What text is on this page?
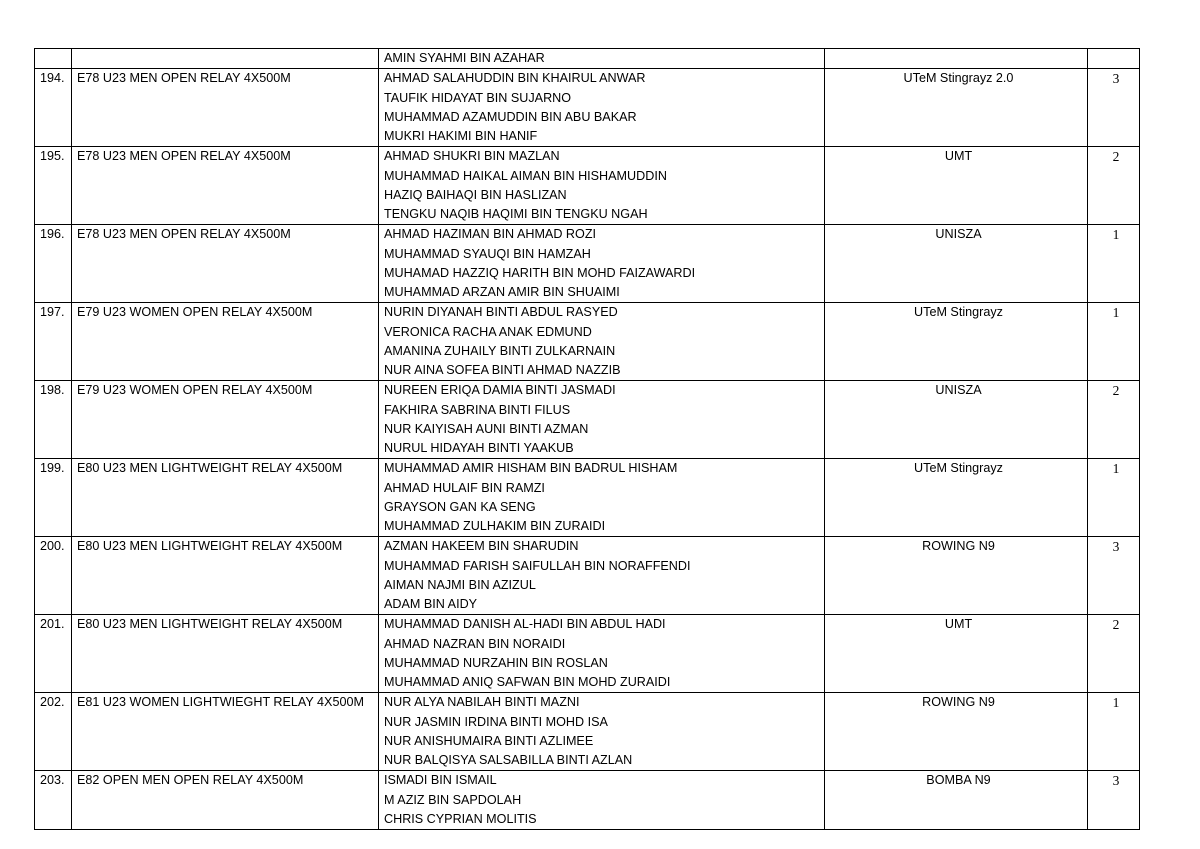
		AMIN SYAHMI BIN AZAHAR		

194.	E78 U23 MEN OPEN RELAY 4X500M	AHMAD SALAHUDDIN BIN KHAIRUL ANWAR
TAUFIK HIDAYAT BIN SUJARNO
MUHAMMAD AZAMUDDIN BIN ABU BAKAR
MUKRI HAKIMI BIN HANIF	UTeM Stingrayz 2.0	3
195.	E78 U23 MEN OPEN RELAY 4X500M	AHMAD SHUKRI BIN MAZLAN
MUHAMMAD HAIKAL AIMAN BIN HISHAMUDDIN
HAZIQ BAIHAQI BIN HASLIZAN
TENGKU NAQIB HAQIMI BIN TENGKU NGAH	UMT	2
196.	E78 U23 MEN OPEN RELAY 4X500M	AHMAD HAZIMAN BIN AHMAD ROZI
MUHAMMAD SYAUQI BIN HAMZAH
MUHAMAD HAZZIQ HARITH BIN MOHD FAIZAWARDI
MUHAMMAD ARZAN AMIR BIN SHUAIMI	UNISZA	1
197.	E79 U23 WOMEN OPEN RELAY 4X500M	NURIN DIYANAH BINTI ABDUL RASYED
VERONICA RACHA ANAK EDMUND
AMANINA ZUHAILY BINTI ZULKARNAIN
NUR AINA SOFEA BINTI AHMAD NAZZIB	UTeM Stingrayz	1
198.	E79 U23 WOMEN OPEN RELAY 4X500M	NUREEN ERIQA DAMIA BINTI JASMADI
FAKHIRA SABRINA BINTI FILUS
NUR KAIYISAH AUNI BINTI AZMAN
NURUL HIDAYAH BINTI YAAKUB	UNISZA	2
199.	E80 U23 MEN LIGHTWEIGHT RELAY 4X500M	MUHAMMAD AMIR HISHAM BIN BADRUL HISHAM
AHMAD HULAIF BIN RAMZI
GRAYSON GAN KA SENG
MUHAMMAD ZULHAKIM BIN ZURAIDI	UTeM Stingrayz	1
200.	E80 U23 MEN LIGHTWEIGHT RELAY 4X500M	AZMAN HAKEEM BIN SHARUDIN
MUHAMMAD FARISH SAIFULLAH BIN NORAFFENDI
AIMAN NAJMI BIN AZIZUL
ADAM BIN AIDY	ROWING N9	3
201.	E80 U23 MEN LIGHTWEIGHT RELAY 4X500M	MUHAMMAD DANISH AL-HADI BIN ABDUL HADI
AHMAD NAZRAN BIN NORAIDI
MUHAMMAD NURZAHIN BIN ROSLAN
MUHAMMAD ANIQ SAFWAN BIN MOHD ZURAIDI	UMT	2
202.	E81 U23 WOMEN LIGHTWIEGHT RELAY 4X500M	NUR ALYA NABILAH BINTI MAZNI
NUR JASMIN IRDINA BINTI MOHD ISA
NUR ANISHUMAIRA BINTI AZLIMEE
NUR BALQISYA SALSABILLA BINTI AZLAN	ROWING N9	1
203.	E82 OPEN MEN OPEN RELAY 4X500M	ISMADI BIN ISMAIL
M AZIZ BIN SAPDOLAH
CHRIS CYPRIAN MOLITIS	BOMBA N9	3
